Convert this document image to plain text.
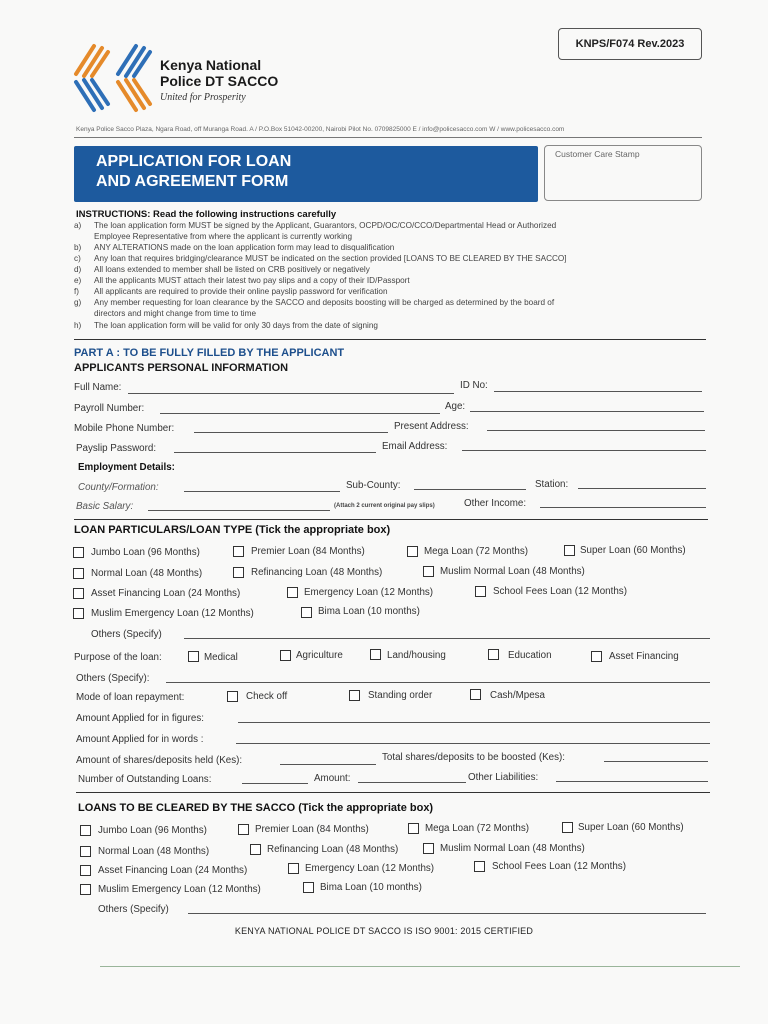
KNPS/F074 Rev.2023
Kenya National
Police DT SACCO
United for Prosperity
Kenya Police Sacco Plaza, Ngara Road, off Muranga Road. A / P.O.Box 51042-00200, Nairobi Pilot No. 0709825000 E / info@policesacco.com W / www.policesacco.com
APPLICATION FOR LOAN
AND AGREEMENT FORM
Customer Care Stamp
INSTRUCTIONS: Read the following instructions carefully
a) The loan application form MUST be signed by the Applicant, Guarantors, OCPD/OC/CO/CCO/Departmental Head or Authorized
Employee Representative from where the applicant is currently working
b) ANY ALTERATIONS made on the loan application form may lead to disqualification
c) Any loan that requires bridging/clearance MUST be indicated on the section provided [LOANS TO BE CLEARED BY THE SACCO]
d) All loans extended to member shall be listed on CRB positively or negatively
e) All the applicants MUST attach their latest two pay slips and a copy of their ID/Passport
f) All applicants are required to provide their online payslip password for verification
g) Any member requesting for loan clearance by the SACCO and deposits boosting will be charged as determined by the board of
directors and might change from time to time
h) The loan application form will be valid for only 30 days from the date of signing
PART A : TO BE FULLY FILLED BY THE APPLICANT
APPLICANTS PERSONAL INFORMATION
Full Name:	ID No:
Payroll Number:	Age:
Mobile Phone Number:	Present Address:
Payslip Password:	Email Address:
Employment Details:
County/Formation:	Sub-County:	Station:
Basic Salary:	(Attach 2 current original pay slips)	Other Income:
LOAN PARTICULARS/LOAN TYPE (Tick the appropriate box)
Jumbo Loan (96 Months)	Premier Loan (84 Months)	Mega Loan (72 Months)	Super Loan (60 Months)
Normal Loan (48 Months)	Refinancing Loan (48 Months)	Muslim Normal Loan (48 Months)
Asset Financing Loan (24 Months)	Emergency Loan (12 Months)	School Fees Loan (12 Months)
Muslim Emergency Loan (12 Months)	Bima Loan (10 months)
Others (Specify)
Purpose of the loan:	Medical	Agriculture	Land/housing	Education	Asset Financing
Others (Specify):
Mode of loan repayment:	Check off	Standing order	Cash/Mpesa
Amount Applied for in figures:
Amount Applied for in words :
Amount of shares/deposits held (Kes):	Total shares/deposits to be boosted (Kes):
Number of Outstanding Loans:	Amount:	Other Liabilities:
LOANS TO BE CLEARED BY THE SACCO (Tick the appropriate box)
Jumbo Loan (96 Months)	Premier Loan (84 Months)	Mega Loan (72 Months)	Super Loan (60 Months)
Normal Loan (48 Months)	Refinancing Loan (48 Months)	Muslim Normal Loan (48 Months)
Asset Financing Loan (24 Months)	Emergency Loan (12 Months)	School Fees Loan (12 Months)
Muslim Emergency Loan (12 Months)	Bima Loan (10 months)
Others (Specify)
KENYA NATIONAL POLICE DT SACCO IS ISO 9001: 2015 CERTIFIED
